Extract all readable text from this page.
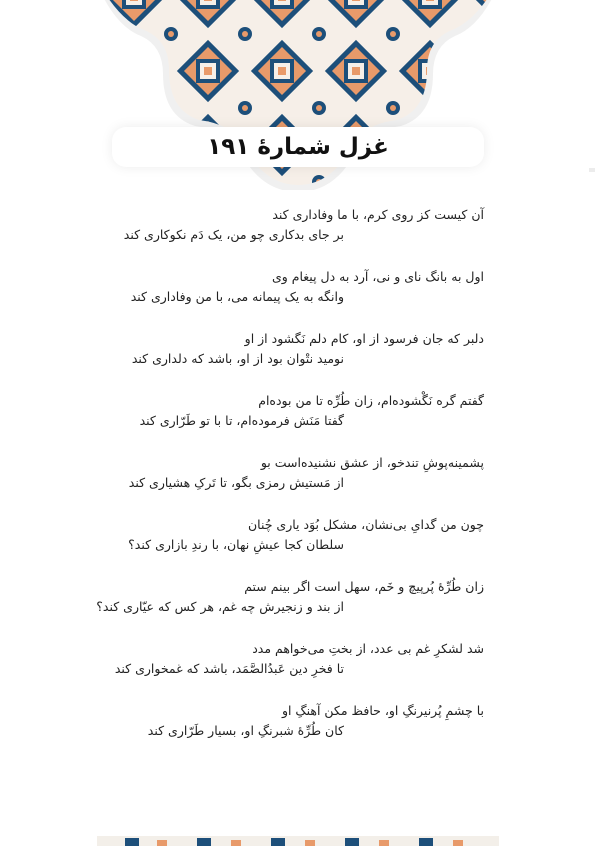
غزل شمارهٔ ۱۹۱
آن کیست کز روی کرم، با ما وفاداری کند
بر جای بدکاری چو من، یک دَم نکوکاری کند
اول به بانگ نای و نی، آرد به دل پیغام وی
وانگه به یک پیمانه می، با من وفاداری کند
دلبر که جان فرسود از او، کام دلم نَگشود از او
نومید نتْوان بود از او، باشد که دلداری کند
گفتم گره نَگْشوده‌ام، زان طُرِّه تا من بوده‌ام
گفتا مَنَش فرموده‌ام، تا با تو طَرّاری کند
پشمینه‌پوشِ تندخو، از عشق نشنیده‌است بو
از مَستیش رمزی بگو، تا تَرکِ هشیاری کند
چون من گدایِ بی‌نشان، مشکل بُوَد یاری چُنان
سلطان کجا عیشِ نهان، با رندِ بازاری کند؟
زان طُرِّهٔ پُرپیچ و خَم، سهل است اگر بینم ستم
از بند و زنجیرش چه غم، هر کس که عیّاری کند؟
شد لشکرِ غم بی عدد، از بختِ می‌خواهم مدد
تا فخرِ دین عَبدُالصَّمَد، باشد که غمخواری کند
با چشمِ پُرنیرنگِ او، حافظ مکن آهنگِ او
کان طُرِّهٔ شبرنگِ او، بسیار طَرّاری کند
